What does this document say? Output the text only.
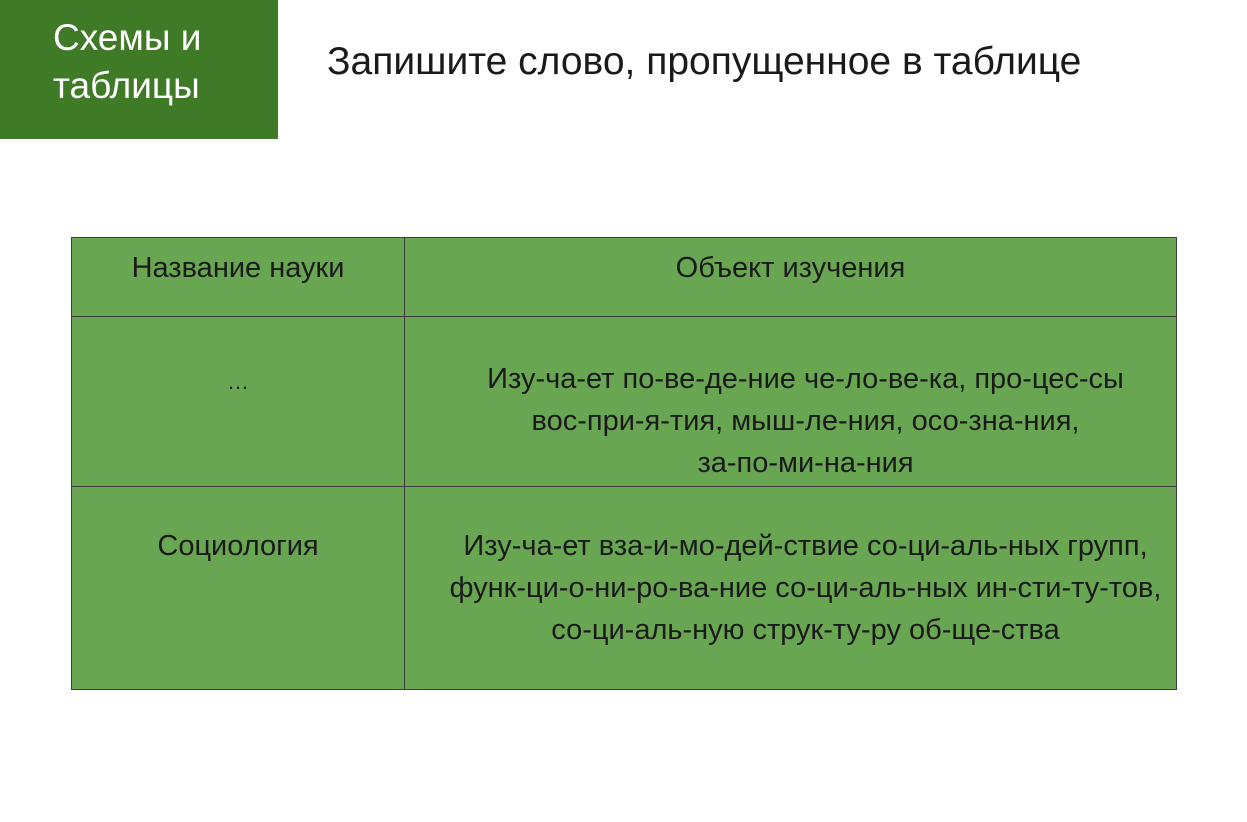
Схемы и
таблицы
Запишите слово, пропущенное в таблице
Название науки	Объект изучения

…	Изу-ча-ет по-ве-де-ние че-ло-ве-ка, про-цес-сы
вос-при-я-тия, мыш-ле-ния, осо-зна-ния,
за-по-ми-на-ния

Социология	Изу-ча-ет вза-и-мо-дей-ствие со-ци-аль-ных групп,
функ-ци-о-ни-ро-ва-ние со-ци-аль-ных ин-сти-ту-тов,
со-ци-аль-ную струк-ту-ру об-ще-ства
